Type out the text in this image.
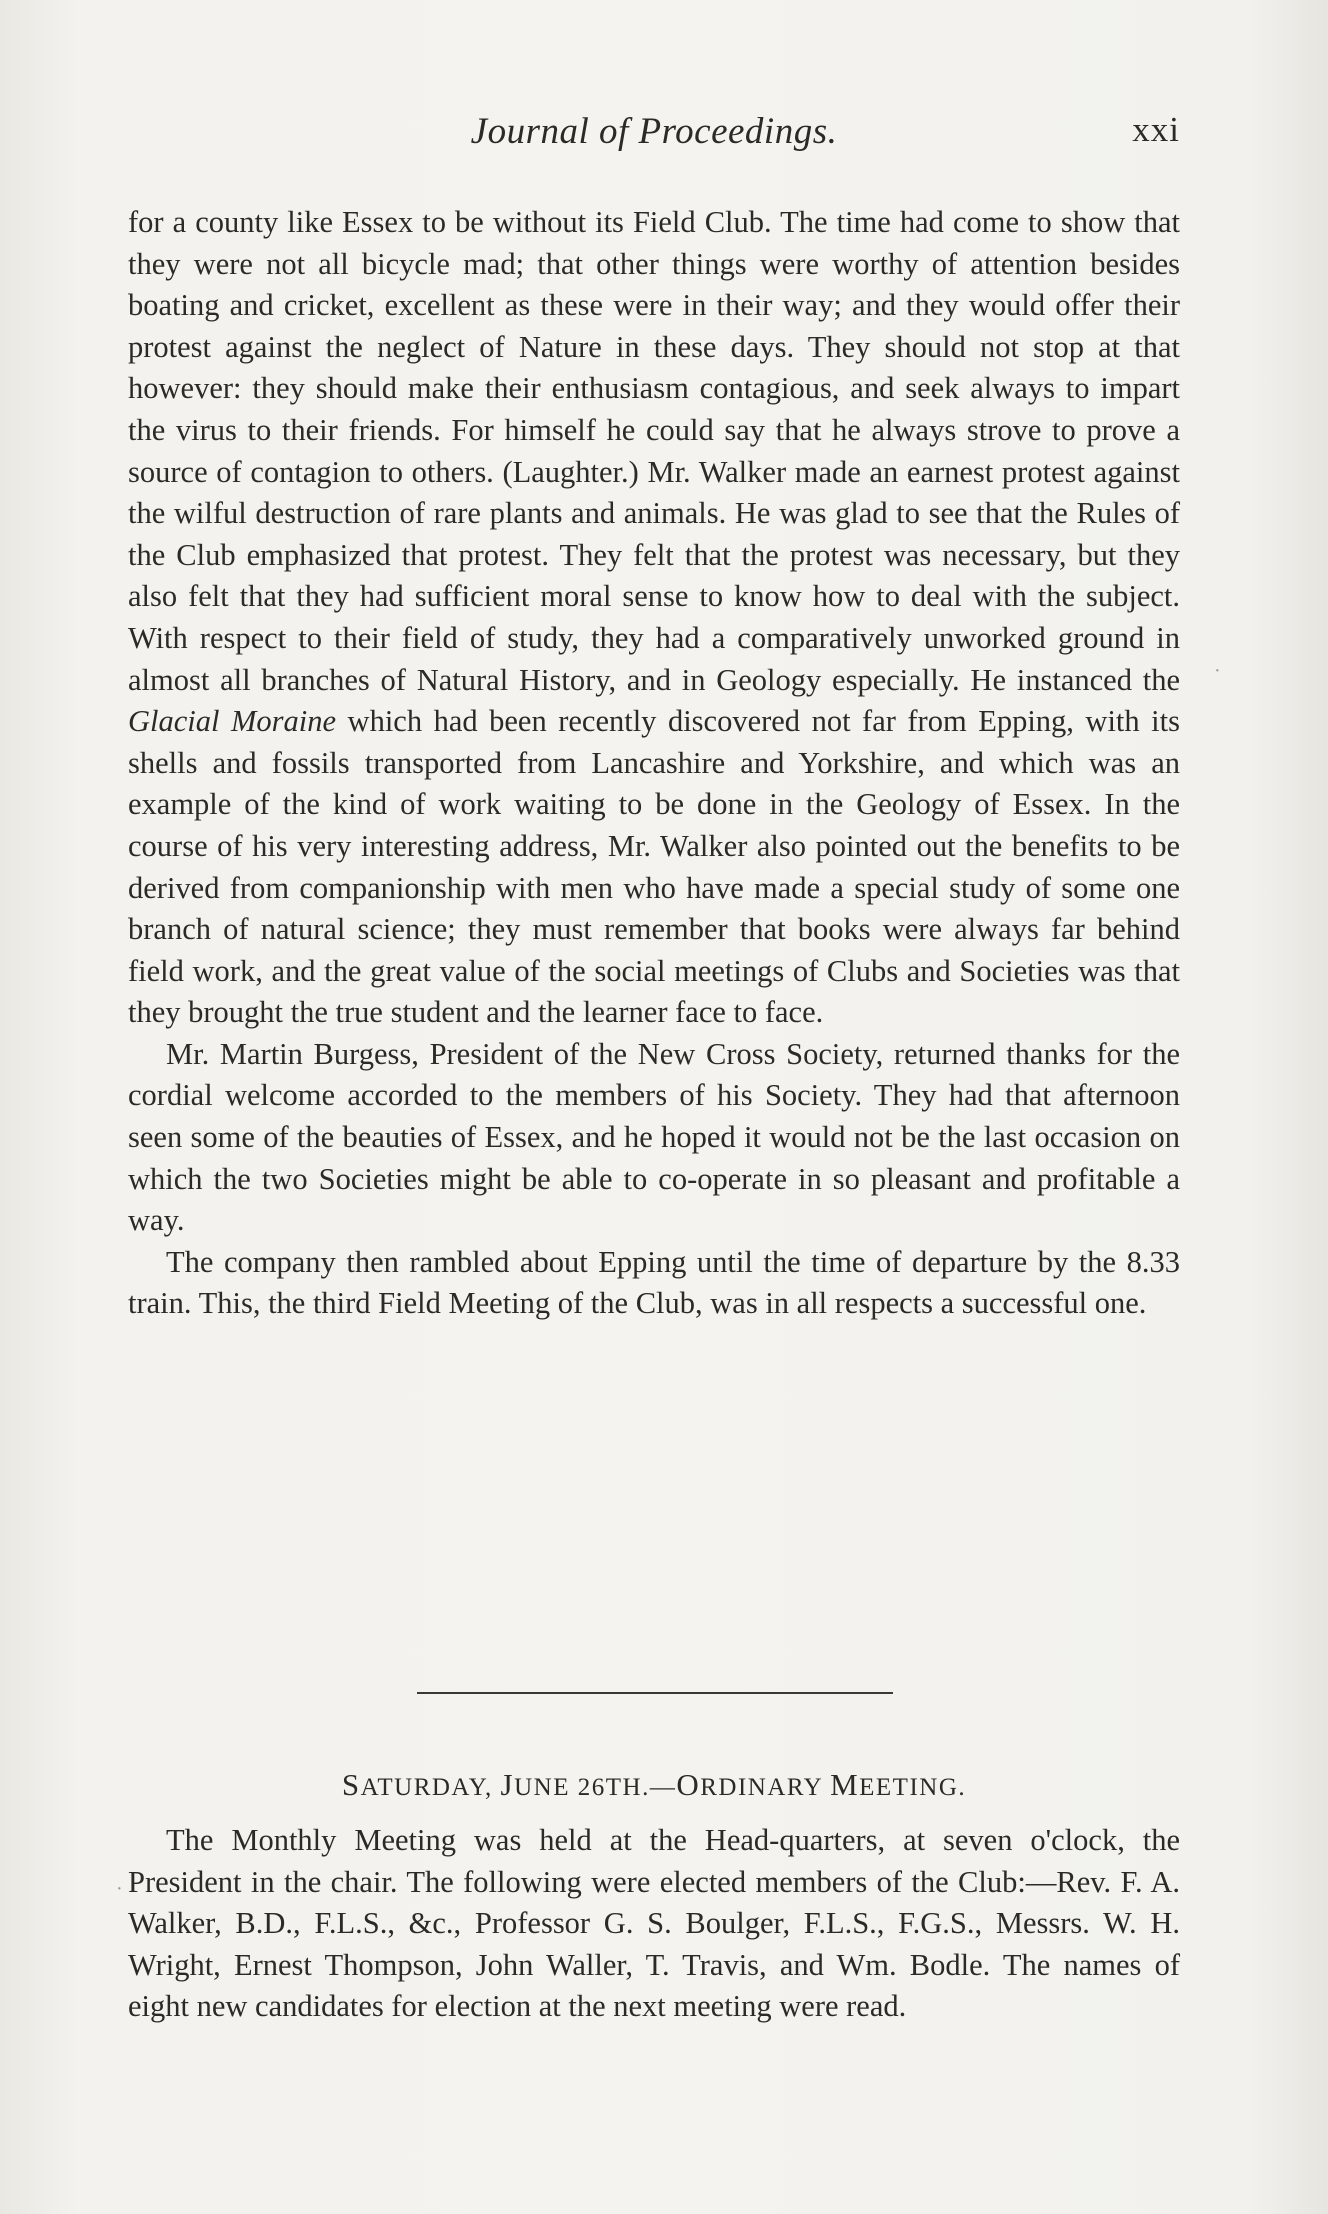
Journal of Proceedings.	xxi

for a county like Essex to be without its Field Club. The time had come to show that they were not all bicycle mad; that other things were worthy of attention besides boating and cricket, excellent as these were in their way; and they would offer their protest against the neglect of Nature in these days. They should not stop at that however: they should make their enthusiasm contagious, and seek always to impart the virus to their friends. For himself he could say that he always strove to prove a source of contagion to others. (Laughter.) Mr. Walker made an earnest protest against the wilful destruction of rare plants and animals. He was glad to see that the Rules of the Club emphasized that protest. They felt that the protest was necessary, but they also felt that they had sufficient moral sense to know how to deal with the subject. With respect to their field of study, they had a comparatively unworked ground in almost all branches of Natural History, and in Geology especially. He instanced the Glacial Moraine which had been recently discovered not far from Epping, with its shells and fossils transported from Lancashire and Yorkshire, and which was an example of the kind of work waiting to be done in the Geology of Essex. In the course of his very interesting address, Mr. Walker also pointed out the benefits to be derived from companionship with men who have made a special study of some one branch of natural science; they must remember that books were always far behind field work, and the great value of the social meetings of Clubs and Societies was that they brought the true student and the learner face to face.

Mr. Martin Burgess, President of the New Cross Society, returned thanks for the cordial welcome accorded to the members of his Society. They had that afternoon seen some of the beauties of Essex, and he hoped it would not be the last occasion on which the two Societies might be able to co-operate in so pleasant and profitable a way.

The company then rambled about Epping until the time of departure by the 8.33 train. This, the third Field Meeting of the Club, was in all respects a successful one.

SATURDAY, JUNE 26TH.—ORDINARY MEETING.

The Monthly Meeting was held at the Head-quarters, at seven o'clock, the President in the chair. The following were elected members of the Club:—Rev. F. A. Walker, B.D., F.L.S., &c., Professor G. S. Boulger, F.L.S., F.G.S., Messrs. W. H. Wright, Ernest Thompson, John Waller, T. Travis, and Wm. Bodle. The names of eight new candidates for election at the next meeting were read.

·
·
